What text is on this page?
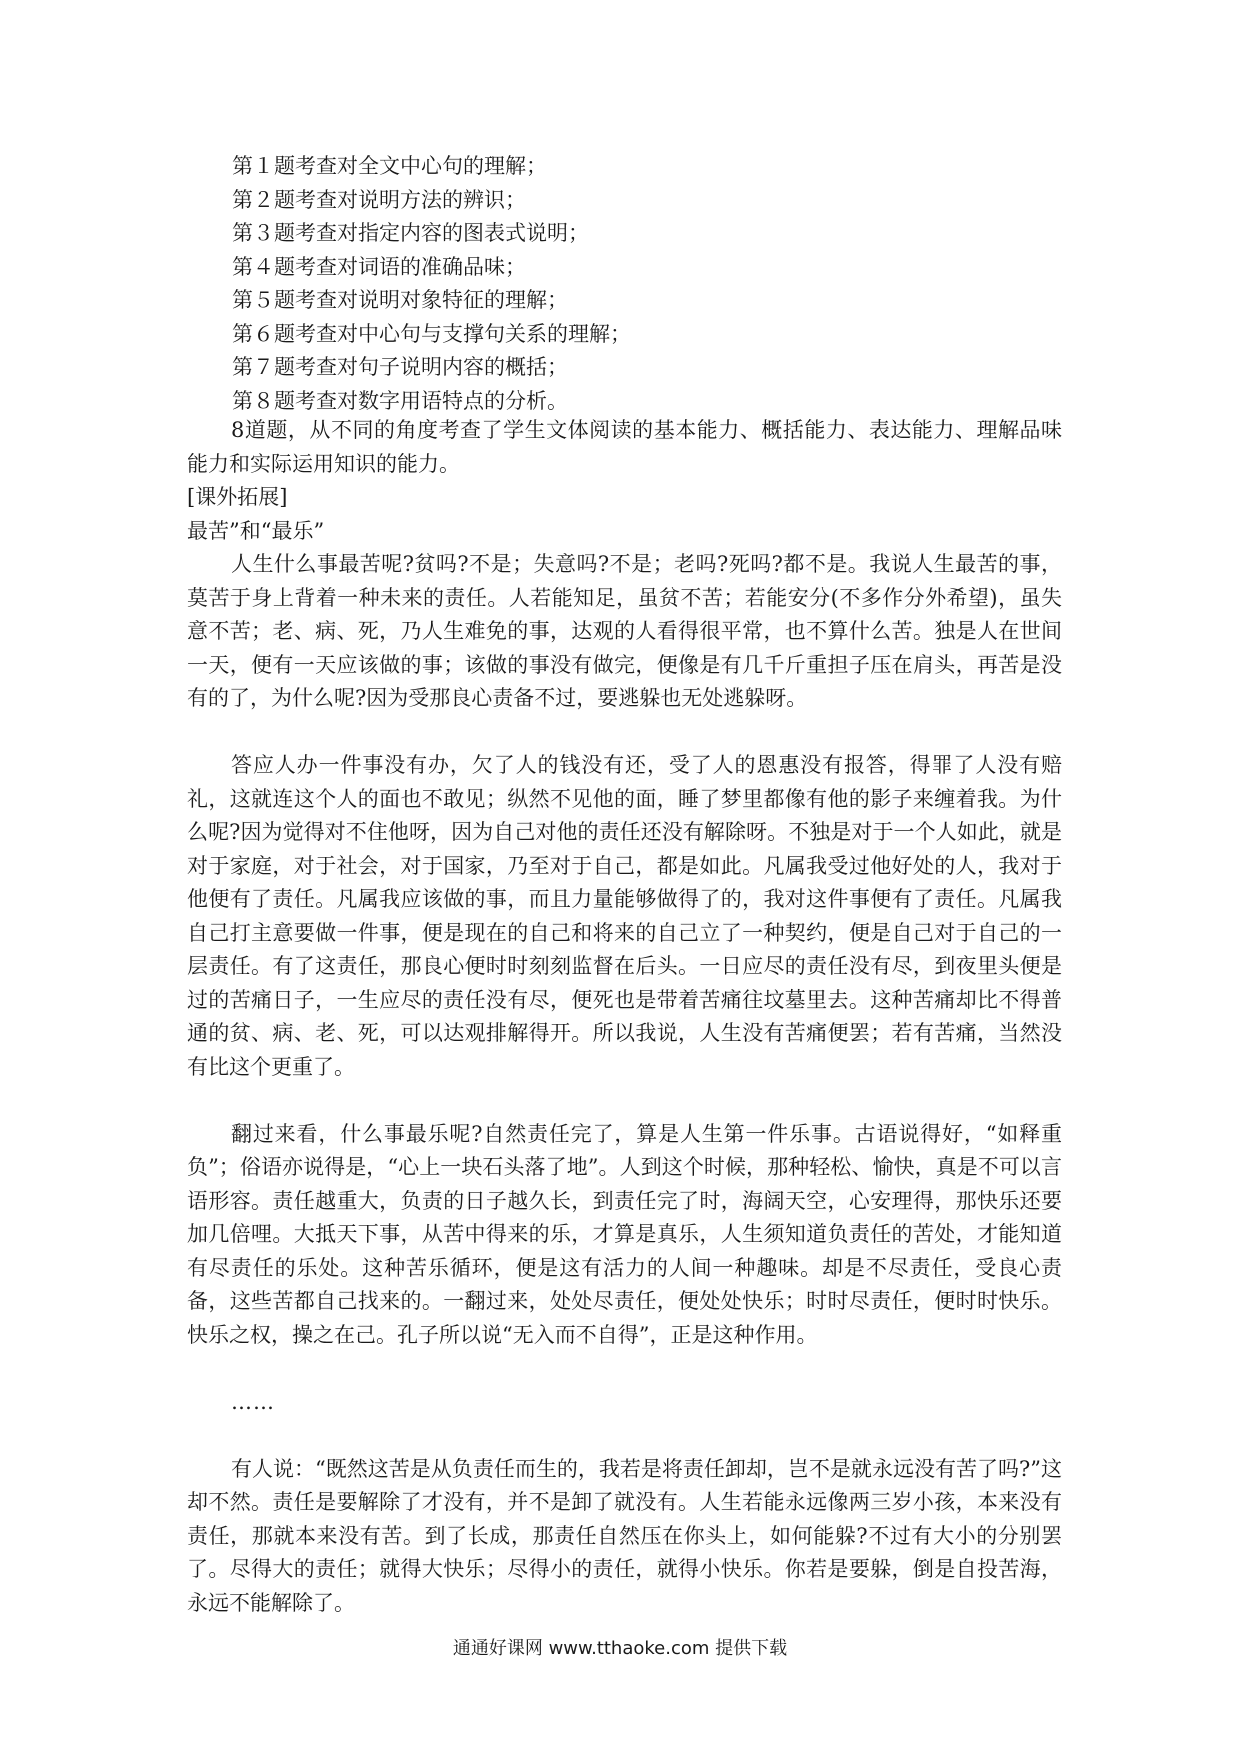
第１题考查对全文中心句的理解；
第２题考查对说明方法的辨识；
第３题考查对指定内容的图表式说明；
第４题考查对词语的准确品味；
第５题考查对说明对象特征的理解；
第６题考查对中心句与支撑句关系的理解；
第７题考查对句子说明内容的概括；
第８题考查对数字用语特点的分析。

8道题，从不同的角度考查了学生文体阅读的基本能力、概括能力、表达能力、理解品味能力和实际运用知识的能力。

[课外拓展]

最苦”和“最乐”

人生什么事最苦呢?贫吗?不是；失意吗?不是；老吗?死吗?都不是。我说人生最苦的事，莫苦于身上背着一种未来的责任。人若能知足，虽贫不苦；若能安分(不多作分外希望)，虽失意不苦；老、病、死，乃人生难免的事，达观的人看得很平常，也不算什么苦。独是人在世间一天，便有一天应该做的事；该做的事没有做完，便像是有几千斤重担子压在肩头，再苦是没有的了，为什么呢?因为受那良心责备不过，要逃躲也无处逃躲呀。

答应人办一件事没有办，欠了人的钱没有还，受了人的恩惠没有报答，得罪了人没有赔礼，这就连这个人的面也不敢见；纵然不见他的面，睡了梦里都像有他的影子来缠着我。为什么呢?因为觉得对不住他呀，因为自己对他的责任还没有解除呀。不独是对于一个人如此，就是对于家庭，对于社会，对于国家，乃至对于自己，都是如此。凡属我受过他好处的人，我对于他便有了责任。凡属我应该做的事，而且力量能够做得了的，我对这件事便有了责任。凡属我自己打主意要做一件事，便是现在的自己和将来的自己立了一种契约，便是自己对于自己的一层责任。有了这责任，那良心便时时刻刻监督在后头。一日应尽的责任没有尽，到夜里头便是过的苦痛日子，一生应尽的责任没有尽，便死也是带着苦痛往坟墓里去。这种苦痛却比不得普通的贫、病、老、死，可以达观排解得开。所以我说，人生没有苦痛便罢；若有苦痛，当然没有比这个更重了。

翻过来看，什么事最乐呢?自然责任完了，算是人生第一件乐事。古语说得好，“如释重负”；俗语亦说得是，“心上一块石头落了地”。人到这个时候，那种轻松、愉快，真是不可以言语形容。责任越重大，负责的日子越久长，到责任完了时，海阔天空，心安理得，那快乐还要加几倍哩。大抵天下事，从苦中得来的乐，才算是真乐，人生须知道负责任的苦处，才能知道有尽责任的乐处。这种苦乐循环，便是这有活力的人间一种趣味。却是不尽责任，受良心责备，这些苦都自己找来的。一翻过来，处处尽责任，便处处快乐；时时尽责任，便时时快乐。快乐之权，操之在己。孔子所以说“无入而不自得”，正是这种作用。

……

有人说：“既然这苦是从负责任而生的，我若是将责任卸却，岂不是就永远没有苦了吗?”这却不然。责任是要解除了才没有，并不是卸了就没有。人生若能永远像两三岁小孩，本来没有责任，那就本来没有苦。到了长成，那责任自然压在你头上，如何能躲?不过有大小的分别罢了。尽得大的责任；就得大快乐；尽得小的责任，就得小快乐。你若是要躲，倒是自投苦海，永远不能解除了。

通通好课网 www.tthaoke.com 提供下载
